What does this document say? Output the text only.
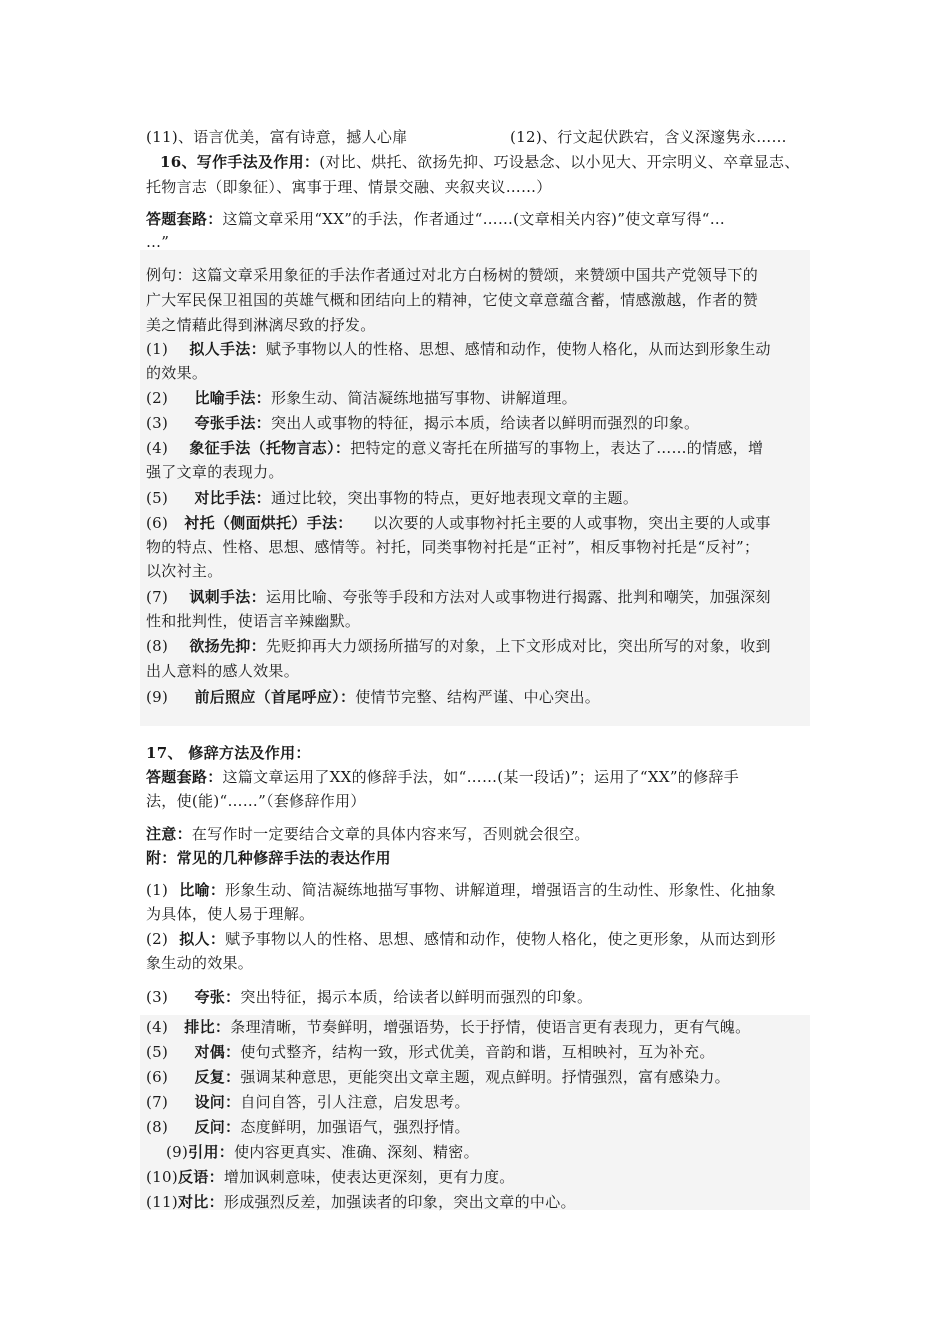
(11)、语言优美，富有诗意，撼人心扉	(12)、行文起伏跌宕，含义深邃隽永……
16、写作手法及作用：(对比、烘托、欲扬先抑、巧设悬念、以小见大、开宗明义、卒章显志、
托物言志（即象征）、寓事于理、情景交融、夹叙夹议……）
答题套路：这篇文章采用“XX”的手法，作者通过“……(文章相关内容)”使文章写得“…
…”
例句：这篇文章采用象征的手法作者通过对北方白杨树的赞颂，来赞颂中国共产党领导下的
广大军民保卫祖国的英雄气概和团结向上的精神，它使文章意蕴含蓄，情感激越，作者的赞
美之情藉此得到淋漓尽致的抒发。
(1) 拟人手法：赋予事物以人的性格、思想、感情和动作，使物人格化，从而达到形象生动
的效果。
(2) 比喻手法：形象生动、简洁凝练地描写事物、讲解道理。
(3) 夸张手法：突出人或事物的特征，揭示本质，给读者以鲜明而强烈的印象。
(4) 象征手法（托物言志）：把特定的意义寄托在所描写的事物上，表达了……的情感，增
强了文章的表现力。
(5) 对比手法：通过比较，突出事物的特点，更好地表现文章的主题。
(6) 衬托（侧面烘托）手法： 以次要的人或事物衬托主要的人或事物，突出主要的人或事
物的特点、性格、思想、感情等。衬托，同类事物衬托是“正衬”，相反事物衬托是“反衬”；
以次衬主。
(7) 讽刺手法：运用比喻、夸张等手段和方法对人或事物进行揭露、批判和嘲笑，加强深刻
性和批判性，使语言辛辣幽默。
(8) 欲扬先抑：先贬抑再大力颂扬所描写的对象，上下文形成对比，突出所写的对象，收到
出人意料的感人效果。
(9) 前后照应（首尾呼应）：使情节完整、结构严谨、中心突出。
17、 修辞方法及作用：
答题套路：这篇文章运用了XX的修辞手法，如“……(某一段话)”；运用了“XX”的修辞手
法，使(能)“……”（套修辞作用）
注意：在写作时一定要结合文章的具体内容来写，否则就会很空。
附：常见的几种修辞手法的表达作用
(1) 比喻：形象生动、简洁凝练地描写事物、讲解道理，增强语言的生动性、形象性、化抽象
为具体，使人易于理解。
(2) 拟人：赋予事物以人的性格、思想、感情和动作，使物人格化，使之更形象，从而达到形
象生动的效果。
(3) 夸张：突出特征，揭示本质，给读者以鲜明而强烈的印象。
(4) 排比：条理清晰，节奏鲜明，增强语势，长于抒情，使语言更有表现力，更有气魄。
(5) 对偶：使句式整齐，结构一致，形式优美，音韵和谐，互相映衬，互为补充。
(6) 反复：强调某种意思，更能突出文章主题，观点鲜明。抒情强烈，富有感染力。
(7) 设问：自问自答，引人注意，启发思考。
(8) 反问：态度鲜明，加强语气，强烈抒情。
(9)引用：使内容更真实、准确、深刻、精密。
(10)反语：增加讽刺意味，使表达更深刻，更有力度。
(11)对比：形成强烈反差，加强读者的印象，突出文章的中心。
